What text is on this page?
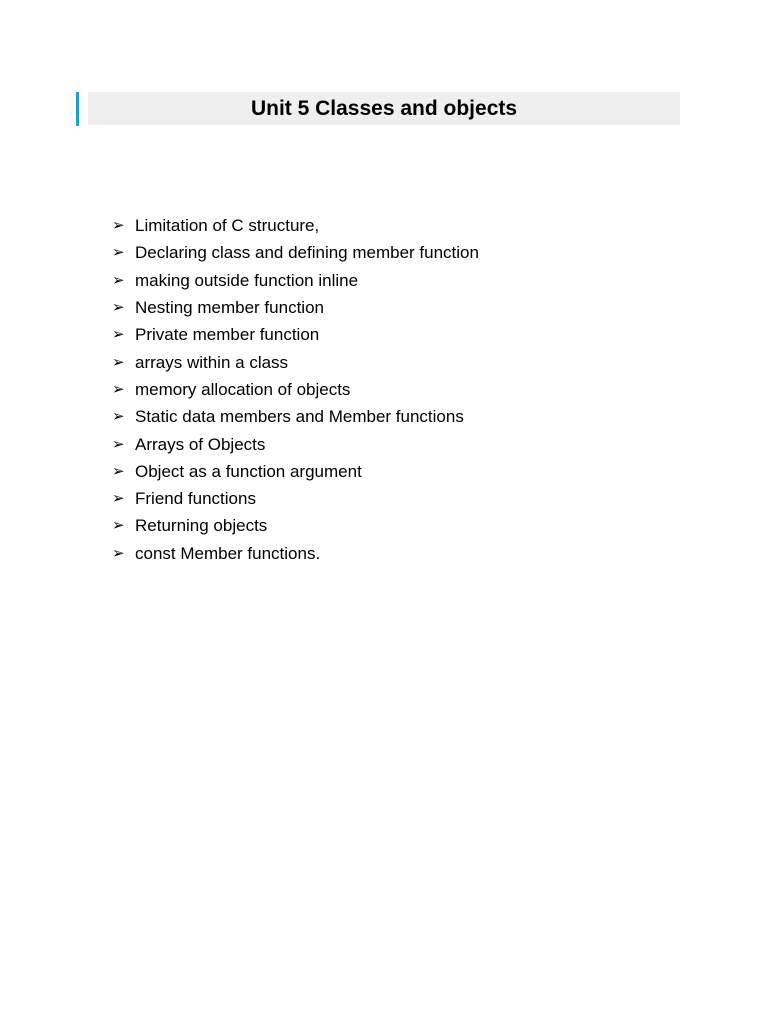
Unit 5 Classes and objects
➢ Limitation of C structure,
➢ Declaring class and defining member function
➢ making outside function inline
➢ Nesting member function
➢ Private member function
➢ arrays within a class
➢ memory allocation of objects
➢ Static data members and Member functions
➢ Arrays of Objects
➢ Object as a function argument
➢ Friend functions
➢ Returning objects
➢ const Member functions.
